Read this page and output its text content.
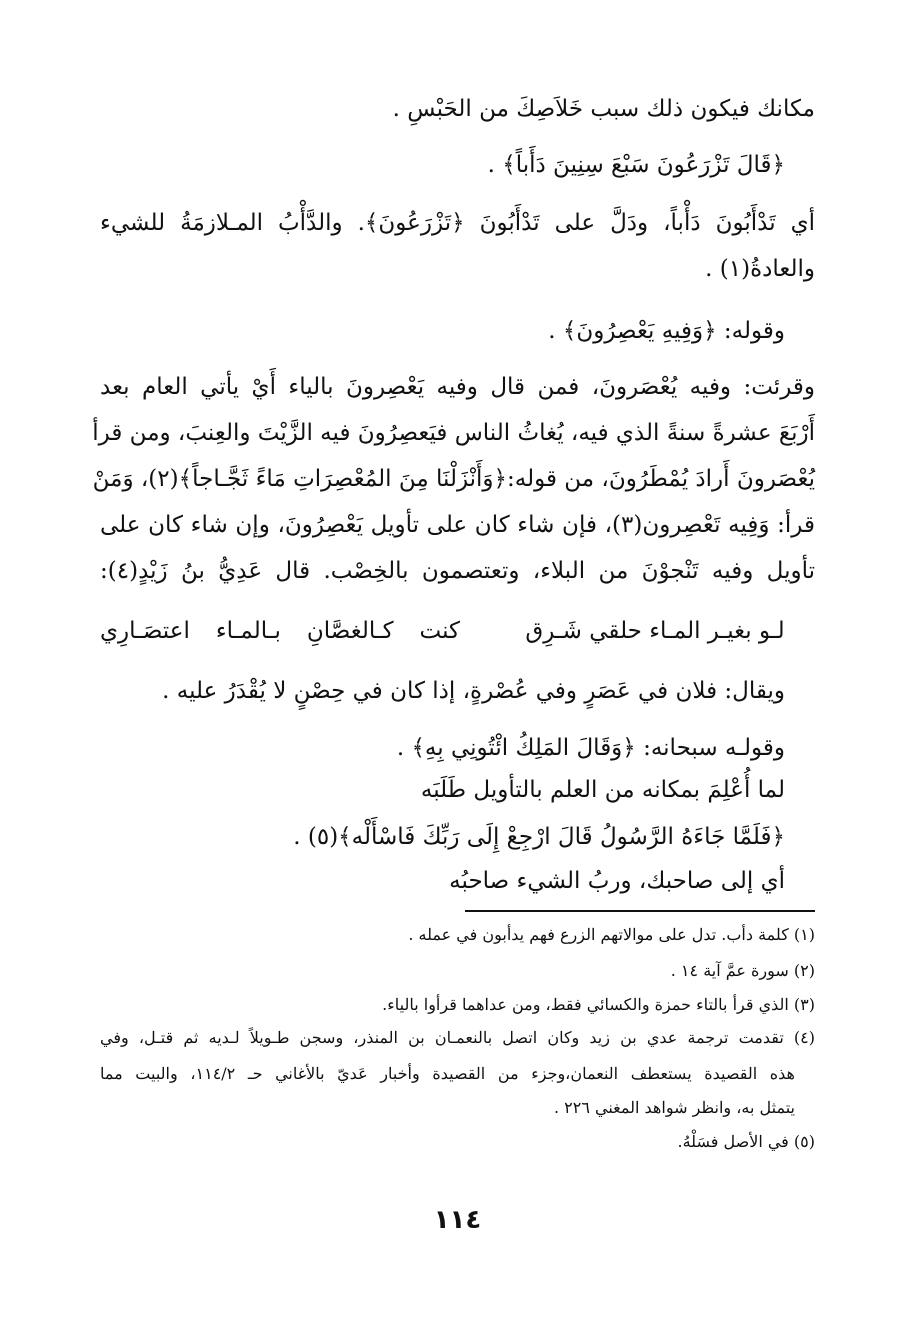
مكانك فيكون ذلك سبب خَلاَصِكَ من الحَبْسِ .
﴿قَالَ تَزْرَعُونَ سَبْعَ سِنِينَ دَأَباً﴾ .
أي تَدْأَبُونَ دَأْباً، ودَلَّ على تَدْأَبُونَ ﴿تَزْرَعُونَ﴾. والدَّأْبُ المـلازمَةُ للشيء
والعادةُ(١) .
وقوله: ﴿وَفِيهِ يَعْصِرُونَ﴾ .
وقرئت: وفيه يُعْصَرونَ، فمن قال وفيه يَعْصِرونَ بالياء أَيْ يأتي العام بعد
أَرْبَعَ عشرةً سنةً الذي فيه، يُغاثُ الناس فيَعصِرُونَ فيه الزَّيْتَ والعِنبَ، ومن قرأ
يُعْصَرونَ أَرادَ يُمْطَرُونَ، من قوله:﴿وَأَنْزَلْنَا مِنَ المُعْصِرَاتِ مَاءً ثَجَّـاجاً﴾(٢)، وَمَنْ
قرأ: وَفِيه تَعْصِرون(٣)، فإن شاء كان على تأويل يَعْصِرُونَ، وإن شاء كان على
تأويل وفيه تَنْجوْنَ من البلاء، وتعتصمون بالخِصْب. قال عَدِيُّ بنُ زَيْدٍ(٤):
لـو بغيـر المـاء حلقي شَـرِق
كنت كـالغصَّانِ بـالمـاء اعتصَـارِي
ويقال: فلان في عَصَرٍ وفي عُصْرةٍ، إذا كان في حِصْنٍ لا يُقْدَرُ عليه .
وقولـه سبحانه: ﴿وَقَالَ المَلِكُ ائْتُونِي بِهِ﴾ .
لما أُعْلِمَ بمكانه من العلم بالتأويل طَلَبَه
﴿فَلَمَّا جَاءَهُ الرَّسُولُ قَالَ ارْجِعْ إِلَى رَبِّكَ فَاسْأَلْه﴾(٥) .
أي إلى صاحبك، وربُ الشيء صاحبُه
(١) كلمة دأب. تدل على موالاتهم الزرع فهم يدأبون في عمله .
(٢) سورة عمَّ آية ١٤ .
(٣) الذي قرأ بالتاء حمزة والكسائي فقط، ومن عداهما قرأوا بالياء.
(٤) تقدمت ترجمة عدي بن زيد وكان اتصل بالنعمـان بن المنذر، وسجن طـويلاً لـديه ثم قتـل، وفي
هذه القصيدة يستعطف النعمان،وجزء من القصيدة وأخبار عَديّ بالأغاني حـ ١١٤/٢، والبيت مما
يتمثل به، وانظر شواهد المغني ٢٢٦ .
(٥) في الأصل فسَلْهُ.
١١٤
